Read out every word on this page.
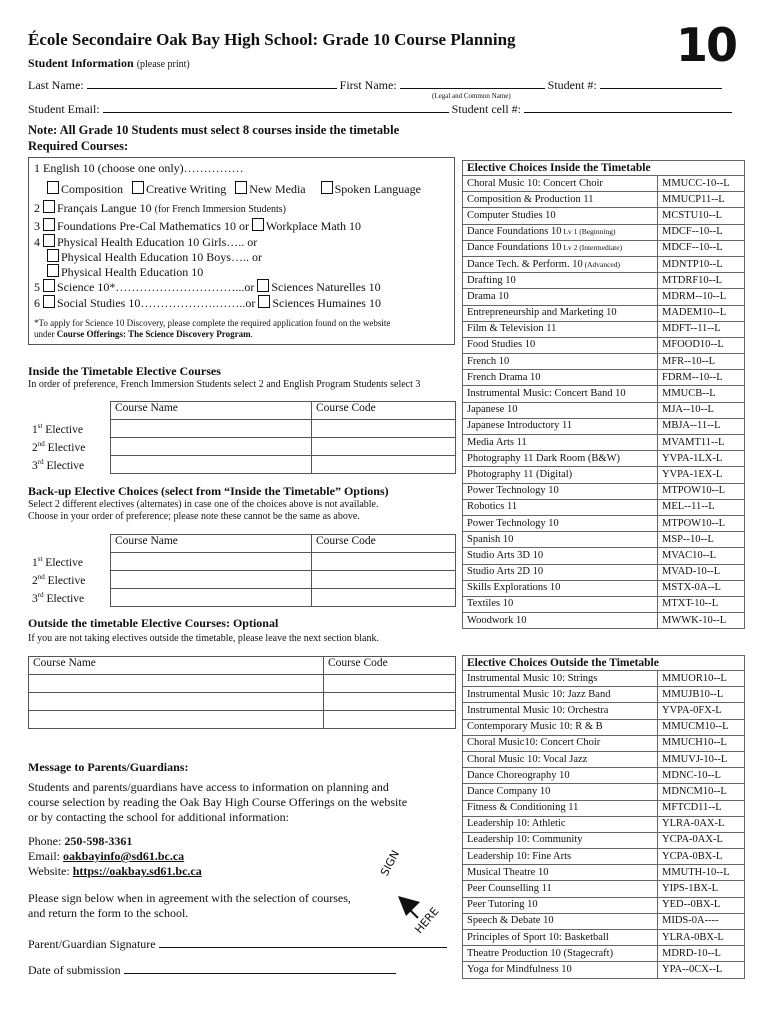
École Secondaire Oak Bay High School: Grade 10 Course Planning	10
Student Information (please print)
Last Name:	First Name:	Student #:
(Legal and Common Name)
Student Email:	Student cell #:
Note: All Grade 10 Students must select 8 courses inside the timetable
Required Courses:
1 English 10 (choose one only)……………
Composition Creative Writing New Media Spoken Language
2 Français Langue 10 (for French Immersion Students)
3 Foundations Pre-Cal Mathematics 10 or Workplace Math 10
4 Physical Health Education 10 Girls….. or
Physical Health Education 10 Boys….. or
Physical Health Education 10
5 Science 10*…………………………...or Sciences Naturelles 10
6 Social Studies 10……………….……..or Sciences Humaines 10
*To apply for Science 10 Discovery, please complete the required application found on the website
under Course Offerings: The Science Discovery Program.
Inside the Timetable Elective Courses
In order of preference, French Immersion Students select 2 and English Program Students select 3
	Course Name	Course Code
1st Elective		
2nd Elective		
3rd Elective		
Back-up Elective Choices (select from “Inside the Timetable” Options)
Select 2 different electives (alternates) in case one of the choices above is not available.
Choose in your order of preference; please note these cannot be the same as above.
	Course Name	Course Code
1st Elective		
2nd Elective		
3rd Elective		
Outside the timetable Elective Courses: Optional
If you are not taking electives outside the timetable, please leave the next section blank.
Course Name	Course Code

Message to Parents/Guardians:
Students and parents/guardians have access to information on planning and
course selection by reading the Oak Bay High Course Offerings on the website
or by contacting the school for additional information:
Phone: 250-598-3361
Email: oakbayinfo@sd61.bc.ca
Website: https://oakbay.sd61.bc.ca
Please sign below when in agreement with the selection of courses,
and return the form to the school.
SIGN
HERE
Parent/Guardian Signature
Date of submission
Elective Choices Inside the Timetable	
Choral Music 10: Concert Choir	MMUCC-10--L
Composition & Production 11	MMUCP11--L
Computer Studies 10	MCSTU10--L
Dance Foundations 10 Lv 1 (Beginning)	MDCF--10--L
Dance Foundations 10 Lv 2 (Intermediate)	MDCF--10--L
Dance Tech. & Perform. 10 (Advanced)	MDNTP10--L
Drafting 10	MTDRF10--L
Drama 10	MDRM--10--L
Entrepreneurship and Marketing 10	MADEM10--L
Film & Television 11	MDFT--11--L
Food Studies 10	MFOOD10--L
French 10	MFR--10--L
French Drama 10	FDRM--10--L
Instrumental Music: Concert Band 10	MMUCB--L
Japanese 10	MJA--10--L
Japanese Introductory 11	MBJA--11--L
Media Arts 11	MVAMT11--L
Photography 11 Dark Room (B&W)	YVPA-1LX-L
Photography 11 (Digital)	YVPA-1EX-L
Power Technology 10	MTPOW10--L
Robotics 11	MEL--11--L
Power Technology 10	MTPOW10--L
Spanish 10	MSP--10--L
Studio Arts 3D 10	MVAC10--L
Studio Arts 2D 10	MVAD-10--L
Skills Explorations 10	MSTX-0A--L
Textiles 10	MTXT-10--L
Woodwork 10	MWWK-10--L
Elective Choices Outside the Timetable	
Instrumental Music 10: Strings	MMUOR10--L
Instrumental Music 10: Jazz Band	MMUJB10--L
Instrumental Music 10: Orchestra	YVPA-0FX-L
Contemporary Music 10: R & B	MMUCM10--L
Choral Music10: Concert Choir	MMUCH10--L
Choral Music 10: Vocal Jazz	MMUVJ-10--L
Dance Choreography 10	MDNC-10--L
Dance Company 10	MDNCM10--L
Fitness & Conditioning 11	MFTCD11--L
Leadership 10: Athletic	YLRA-0AX-L
Leadership 10: Community	YCPA-0AX-L
Leadership 10: Fine Arts	YCPA-0BX-L
Musical Theatre 10	MMUTH-10--L
Peer Counselling 11	YIPS-1BX-L
Peer Tutoring 10	YED--0BX-L
Speech & Debate 10	MIDS-0A----
Principles of Sport 10: Basketball	YLRA-0BX-L
Theatre Production 10 (Stagecraft)	MDRD-10--L
Yoga for Mindfulness 10	YPA--0CX--L
